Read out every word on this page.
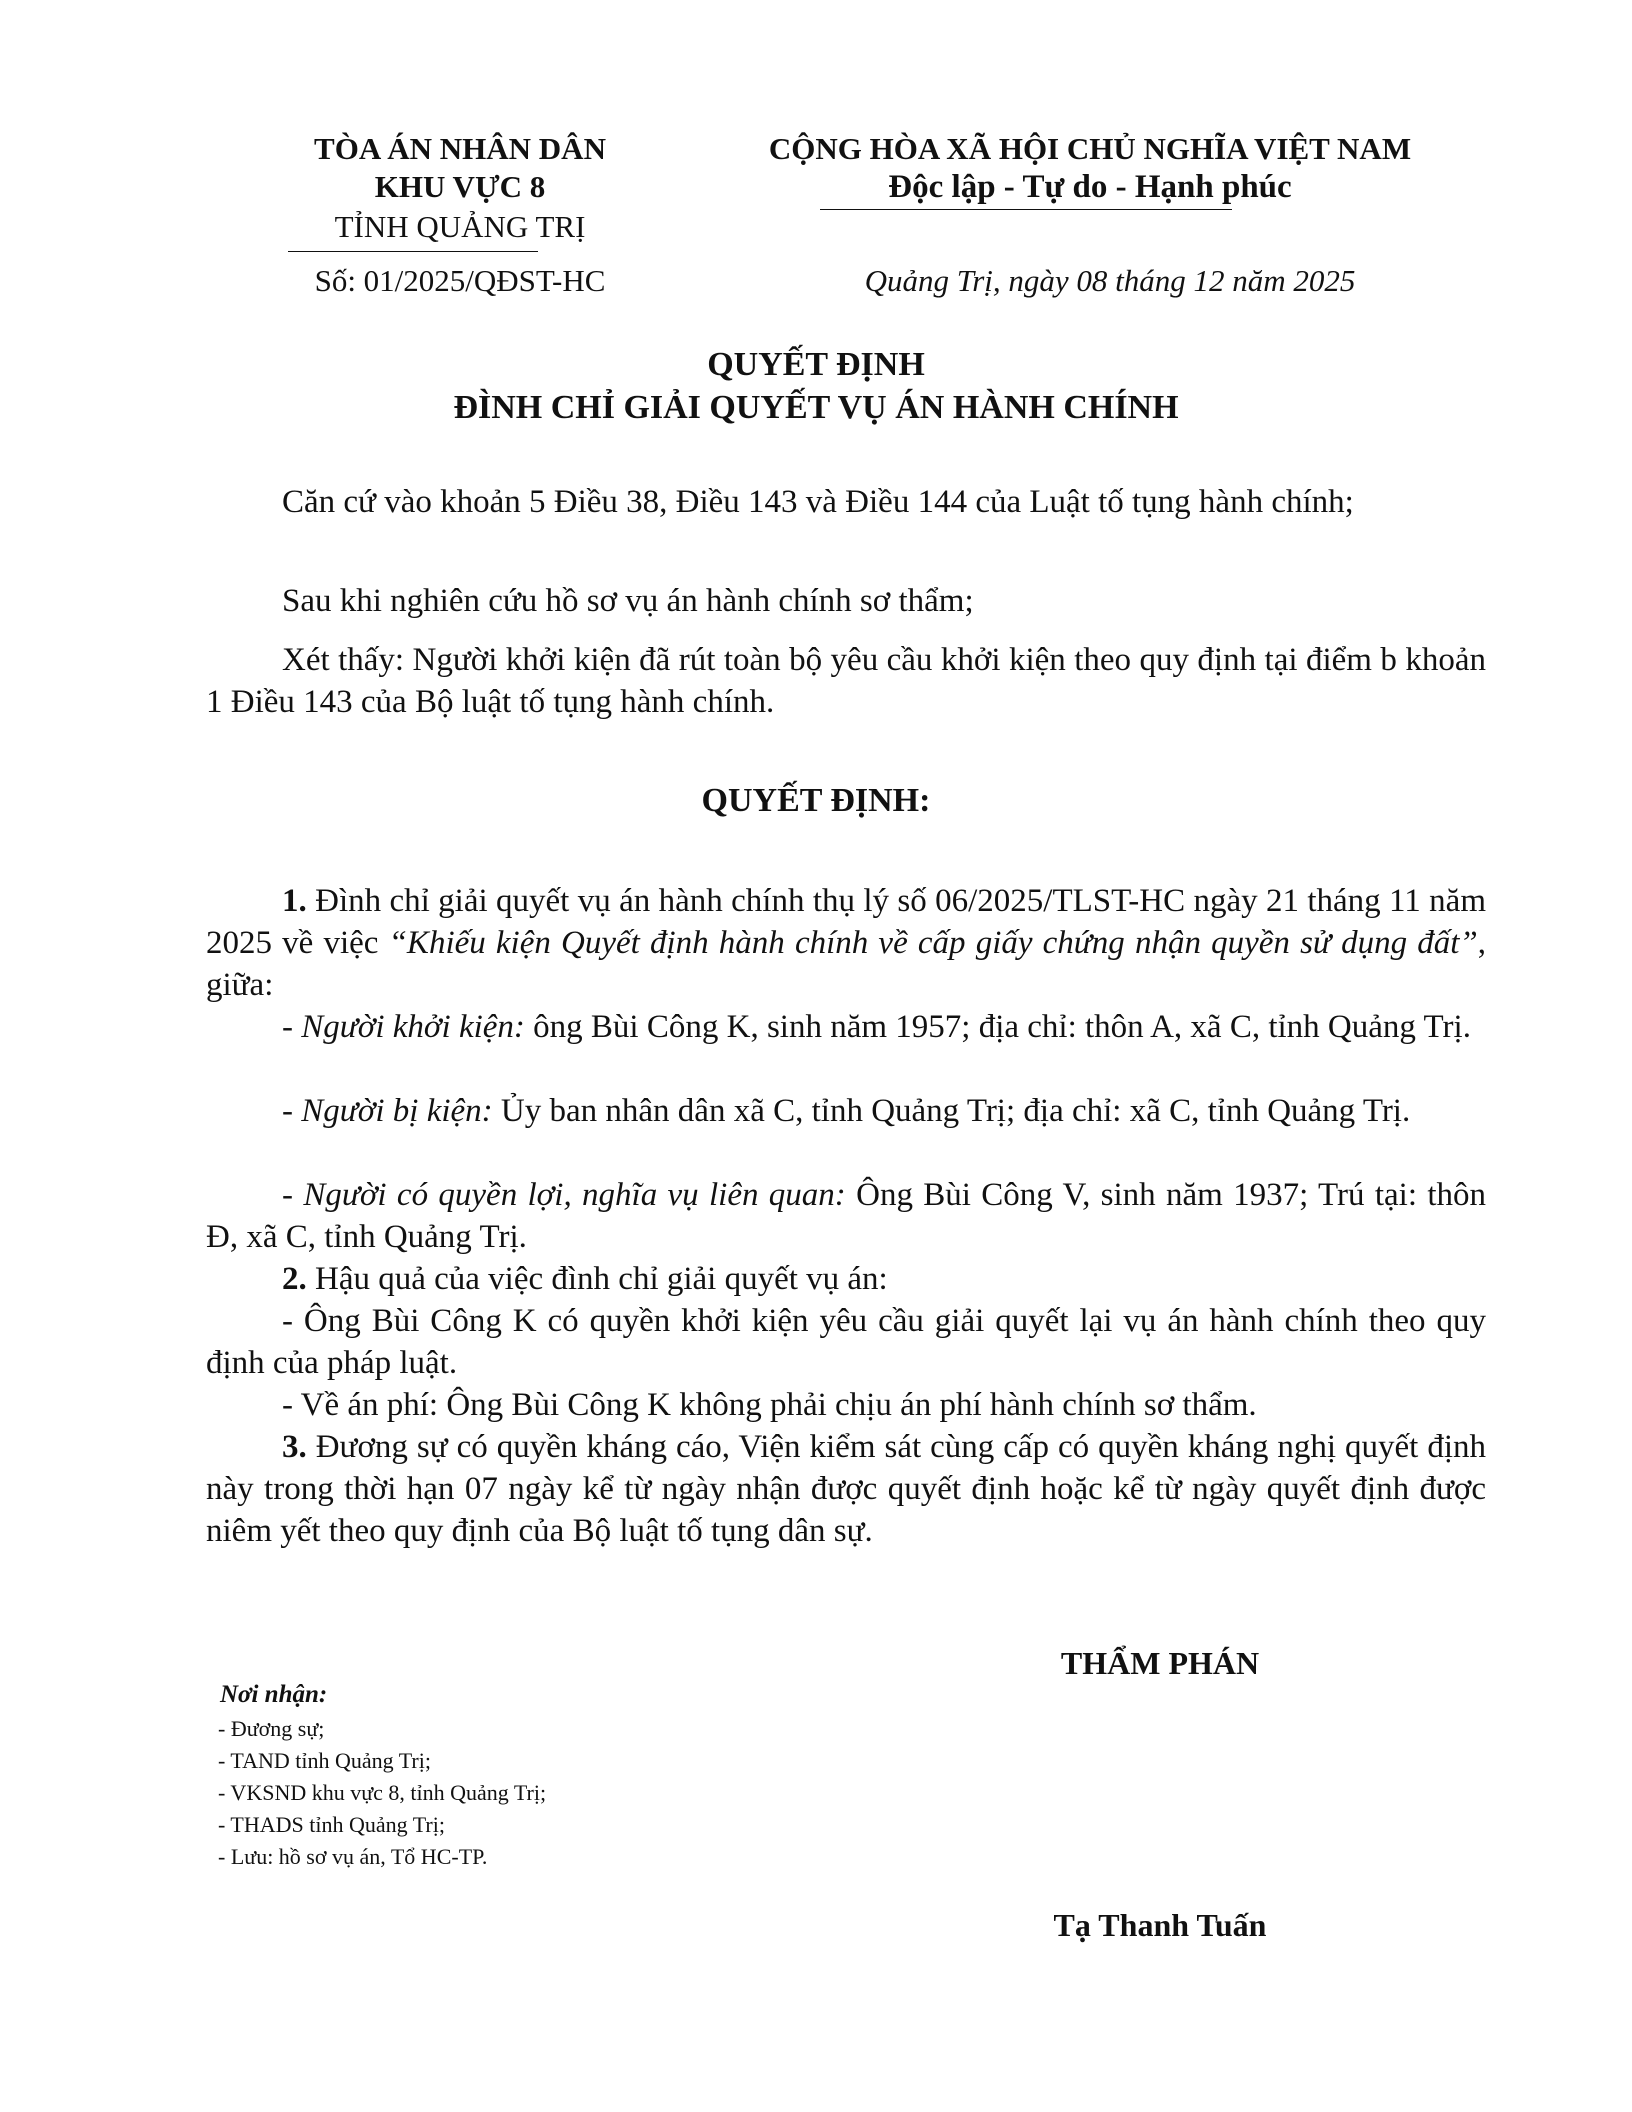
TÒA ÁN NHÂN DÂN
KHU VỰC 8
TỈNH QUẢNG TRỊ
Số: 01/2025/QĐST-HC
CỘNG HÒA XÃ HỘI CHỦ NGHĨA VIỆT NAM
Độc lập - Tự do - Hạnh phúc
Quảng Trị, ngày 08 tháng 12 năm 2025
QUYẾT ĐỊNH
ĐÌNH CHỈ GIẢI QUYẾT VỤ ÁN HÀNH CHÍNH
Căn cứ vào khoản 5 Điều 38, Điều 143 và Điều 144 của Luật tố tụng hành chính;
Sau khi nghiên cứu hồ sơ vụ án hành chính sơ thẩm;
Xét thấy: Người khởi kiện đã rút toàn bộ yêu cầu khởi kiện theo quy định tại điểm b khoản 1 Điều 143 của Bộ luật tố tụng hành chính.
QUYẾT ĐỊNH:
1. Đình chỉ giải quyết vụ án hành chính thụ lý số 06/2025/TLST-HC ngày 21 tháng 11 năm 2025 về việc “Khiếu kiện Quyết định hành chính về cấp giấy chứng nhận quyền sử dụng đất”, giữa:
- Người khởi kiện: ông Bùi Công K, sinh năm 1957; địa chỉ: thôn A, xã C, tỉnh Quảng Trị.
- Người bị kiện: Ủy ban nhân dân xã C, tỉnh Quảng Trị; địa chỉ: xã C, tỉnh Quảng Trị.
- Người có quyền lợi, nghĩa vụ liên quan: Ông Bùi Công V, sinh năm 1937; Trú tại: thôn Đ, xã C, tỉnh Quảng Trị.
2. Hậu quả của việc đình chỉ giải quyết vụ án:
- Ông Bùi Công K có quyền khởi kiện yêu cầu giải quyết lại vụ án hành chính theo quy định của pháp luật.
- Về án phí: Ông Bùi Công K không phải chịu án phí hành chính sơ thẩm.
3. Đương sự có quyền kháng cáo, Viện kiểm sát cùng cấp có quyền kháng nghị quyết định này trong thời hạn 07 ngày kể từ ngày nhận được quyết định hoặc kể từ ngày quyết định được niêm yết theo quy định của Bộ luật tố tụng dân sự.
THẨM PHÁN
Tạ Thanh Tuấn
Nơi nhận:
- Đương sự;
- TAND tỉnh Quảng Trị;
- VKSND khu vực 8, tỉnh Quảng Trị;
- THADS tỉnh Quảng Trị;
- Lưu: hồ sơ vụ án, Tổ HC-TP.
